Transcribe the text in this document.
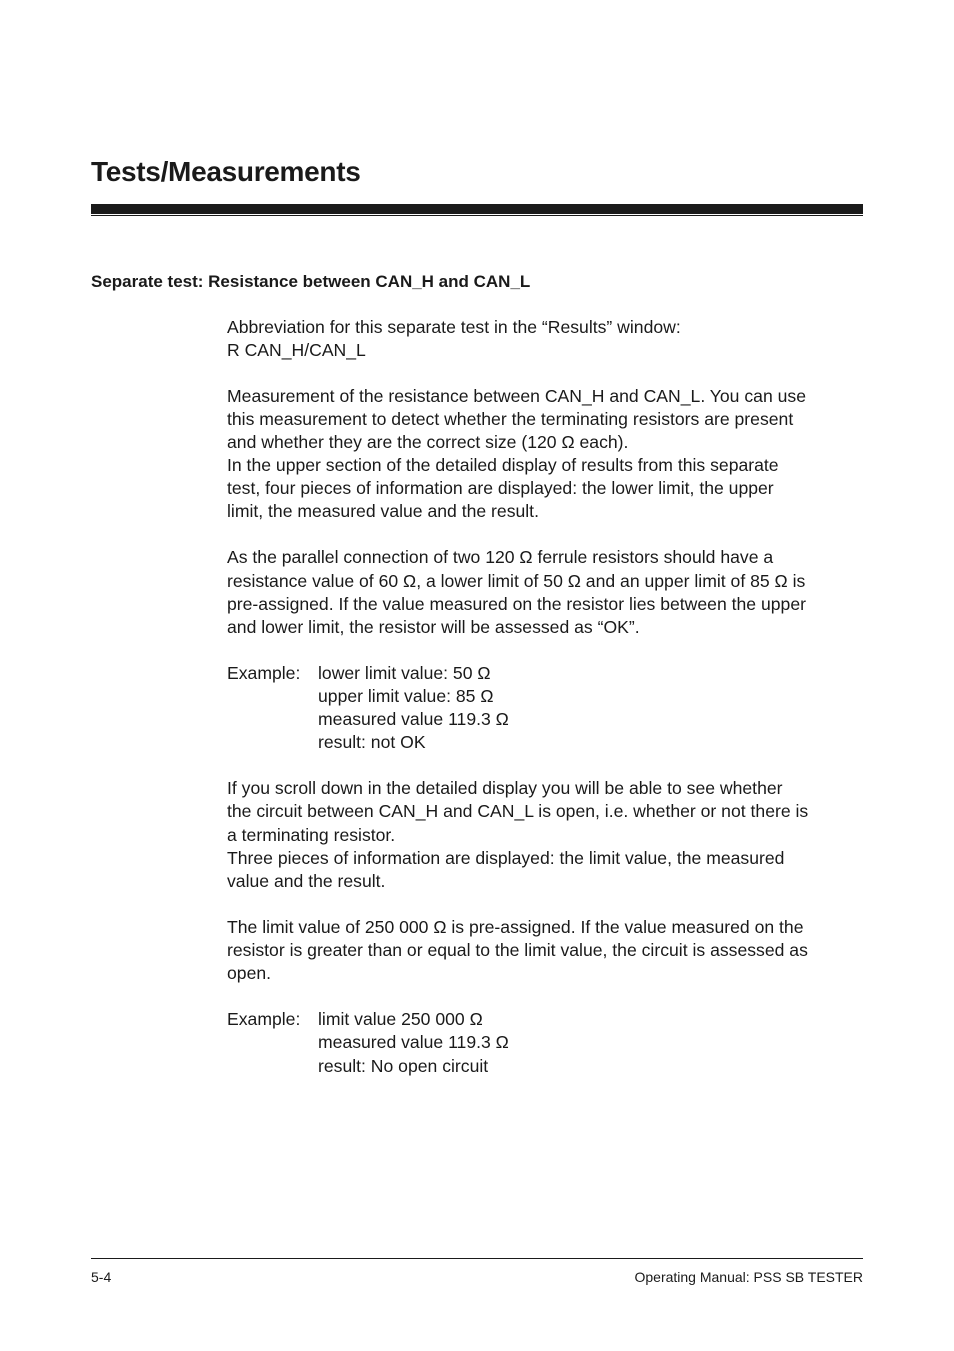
Tests/Measurements
Separate test: Resistance between CAN_H and CAN_L

Abbreviation for this separate test in the “Results” window:
R CAN_H/CAN_L

Measurement of the resistance between CAN_H and CAN_L. You can use
this measurement to detect whether the terminating resistors are present
and whether they are the correct size (120 Ω each).

In the upper section of the detailed display of results from this separate
test, four pieces of information are displayed: the lower limit, the upper
limit, the measured value and the result.

As the parallel connection of two 120 Ω ferrule resistors should have a
resistance value of 60 Ω, a lower limit of 50 Ω and an upper limit of 85 Ω is
pre-assigned. If the value measured on the resistor lies between the upper
and lower limit, the resistor will be assessed as “OK”.

Example:	lower limit value: 50 Ω
upper limit value: 85 Ω
measured value 119.3 Ω
result: not OK

If you scroll down in the detailed display you will be able to see whether
the circuit between CAN_H and CAN_L is open, i.e. whether or not there is
a terminating resistor.

Three pieces of information are displayed: the limit value, the measured
value and the result.

The limit value of 250 000 Ω is pre-assigned. If the value measured on the
resistor is greater than or equal to the limit value, the circuit is assessed as
open.

Example:	limit value 250 000 Ω
measured value 119.3 Ω
result: No open circuit
5-4	Operating Manual: PSS SB TESTER
